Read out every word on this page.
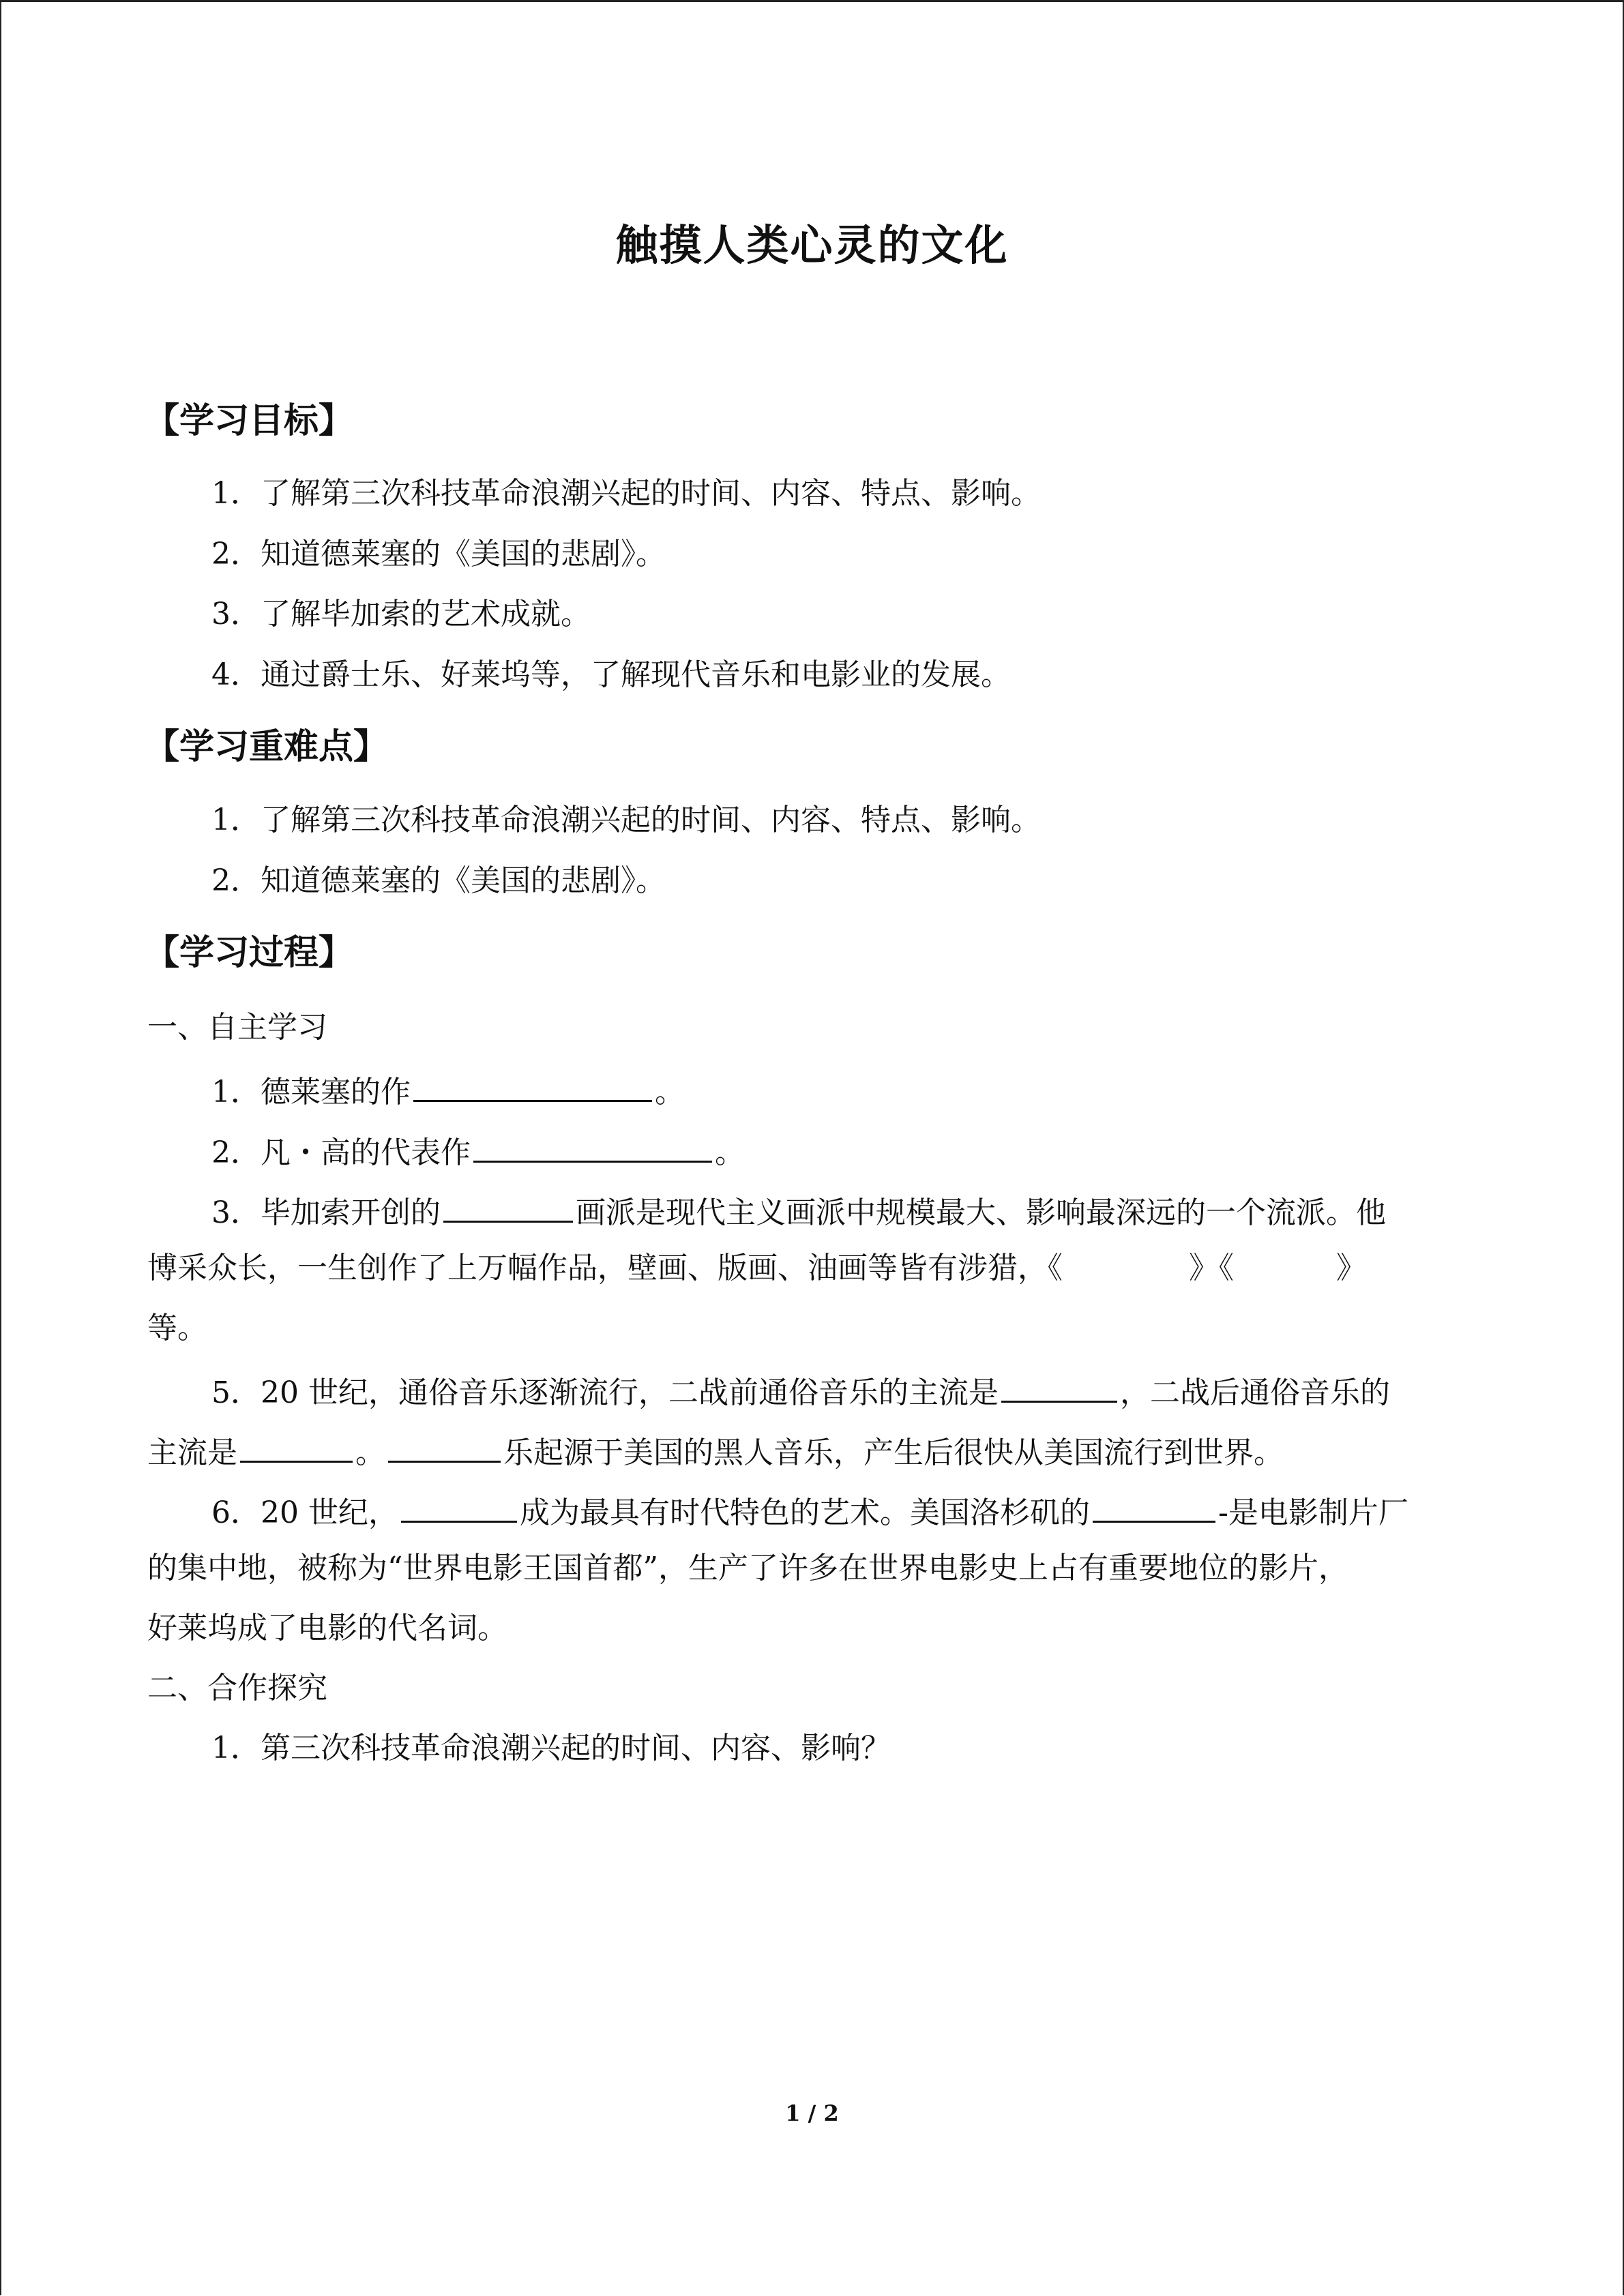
触摸人类心灵的文化
【学习目标】
1．了解第三次科技革命浪潮兴起的时间、内容、特点、影响。
2．知道德莱塞的《美国的悲剧》。
3．了解毕加索的艺术成就。
4．通过爵士乐、好莱坞等，了解现代音乐和电影业的发展。
【学习重难点】
1．了解第三次科技革命浪潮兴起的时间、内容、特点、影响。
2．知道德莱塞的《美国的悲剧》。
【学习过程】
一、自主学习
1．德莱塞的作	。
2．凡・高的代表作	。
3．毕加索开创的	画派是现代主义画派中规模最大、影响最深远的一个流派。他
博采众长，一生创作了上万幅作品，壁画、版画、油画等皆有涉猎，《	》《	》
等。
5．20 世纪，通俗音乐逐渐流行，二战前通俗音乐的主流是	，二战后通俗音乐的
主流是	。	乐起源于美国的黑人音乐，产生后很快从美国流行到世界。
6．20 世纪，	成为最具有时代特色的艺术。美国洛杉矶的	-是电影制片厂
的集中地，被称为“世界电影王国首都”，生产了许多在世界电影史上占有重要地位的影片，
好莱坞成了电影的代名词。
二、合作探究
1．第三次科技革命浪潮兴起的时间、内容、影响？
1 / 2
